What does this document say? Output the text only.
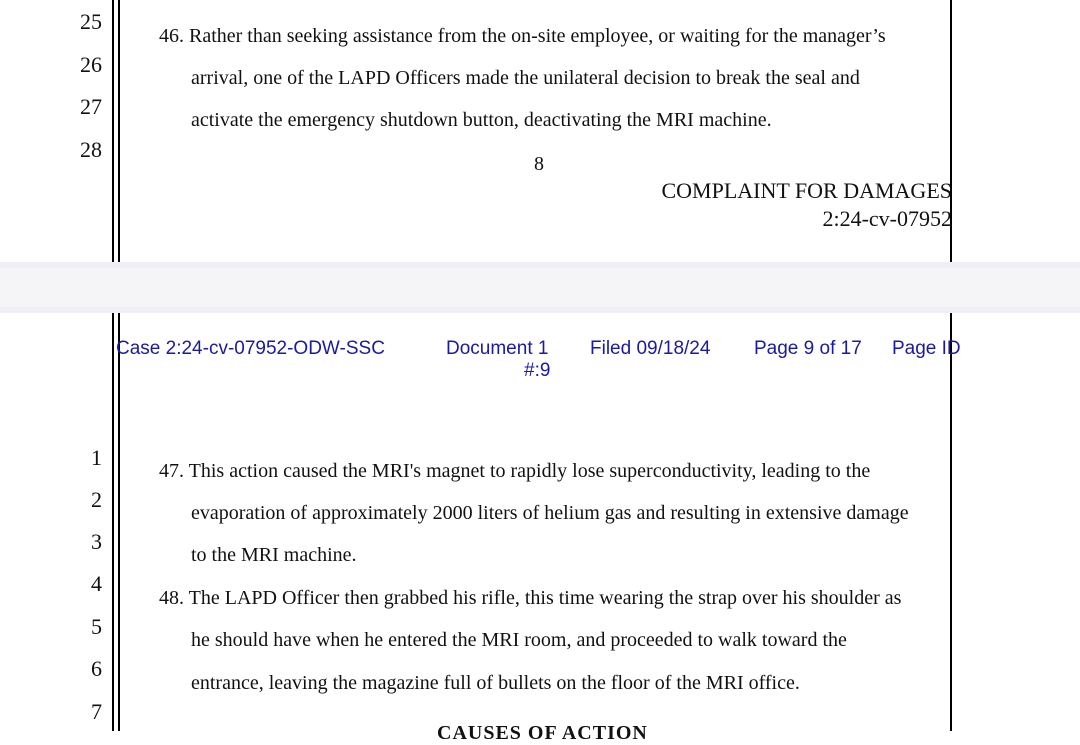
25
26
27
28
46. Rather than seeking assistance from the on-site employee, or waiting for the manager’s
arrival, one of the LAPD Officers made the unilateral decision to break the seal and
activate the emergency shutdown button, deactivating the MRI machine.
8
COMPLAINT FOR DAMAGES
2:24-cv-07952
Case 2:24-cv-07952-ODW-SSC	Document 1 Filed 09/18/24 Page 9 of 17 Page ID
#:9
1
2
3
4
5
6
7
47. This action caused the MRI's magnet to rapidly lose superconductivity, leading to the
evaporation of approximately 2000 liters of helium gas and resulting in extensive damage
to the MRI machine.
48. The LAPD Officer then grabbed his rifle, this time wearing the strap over his shoulder as
he should have when he entered the MRI room, and proceeded to walk toward the
entrance, leaving the magazine full of bullets on the floor of the MRI office.
CAUSES OF ACTION
